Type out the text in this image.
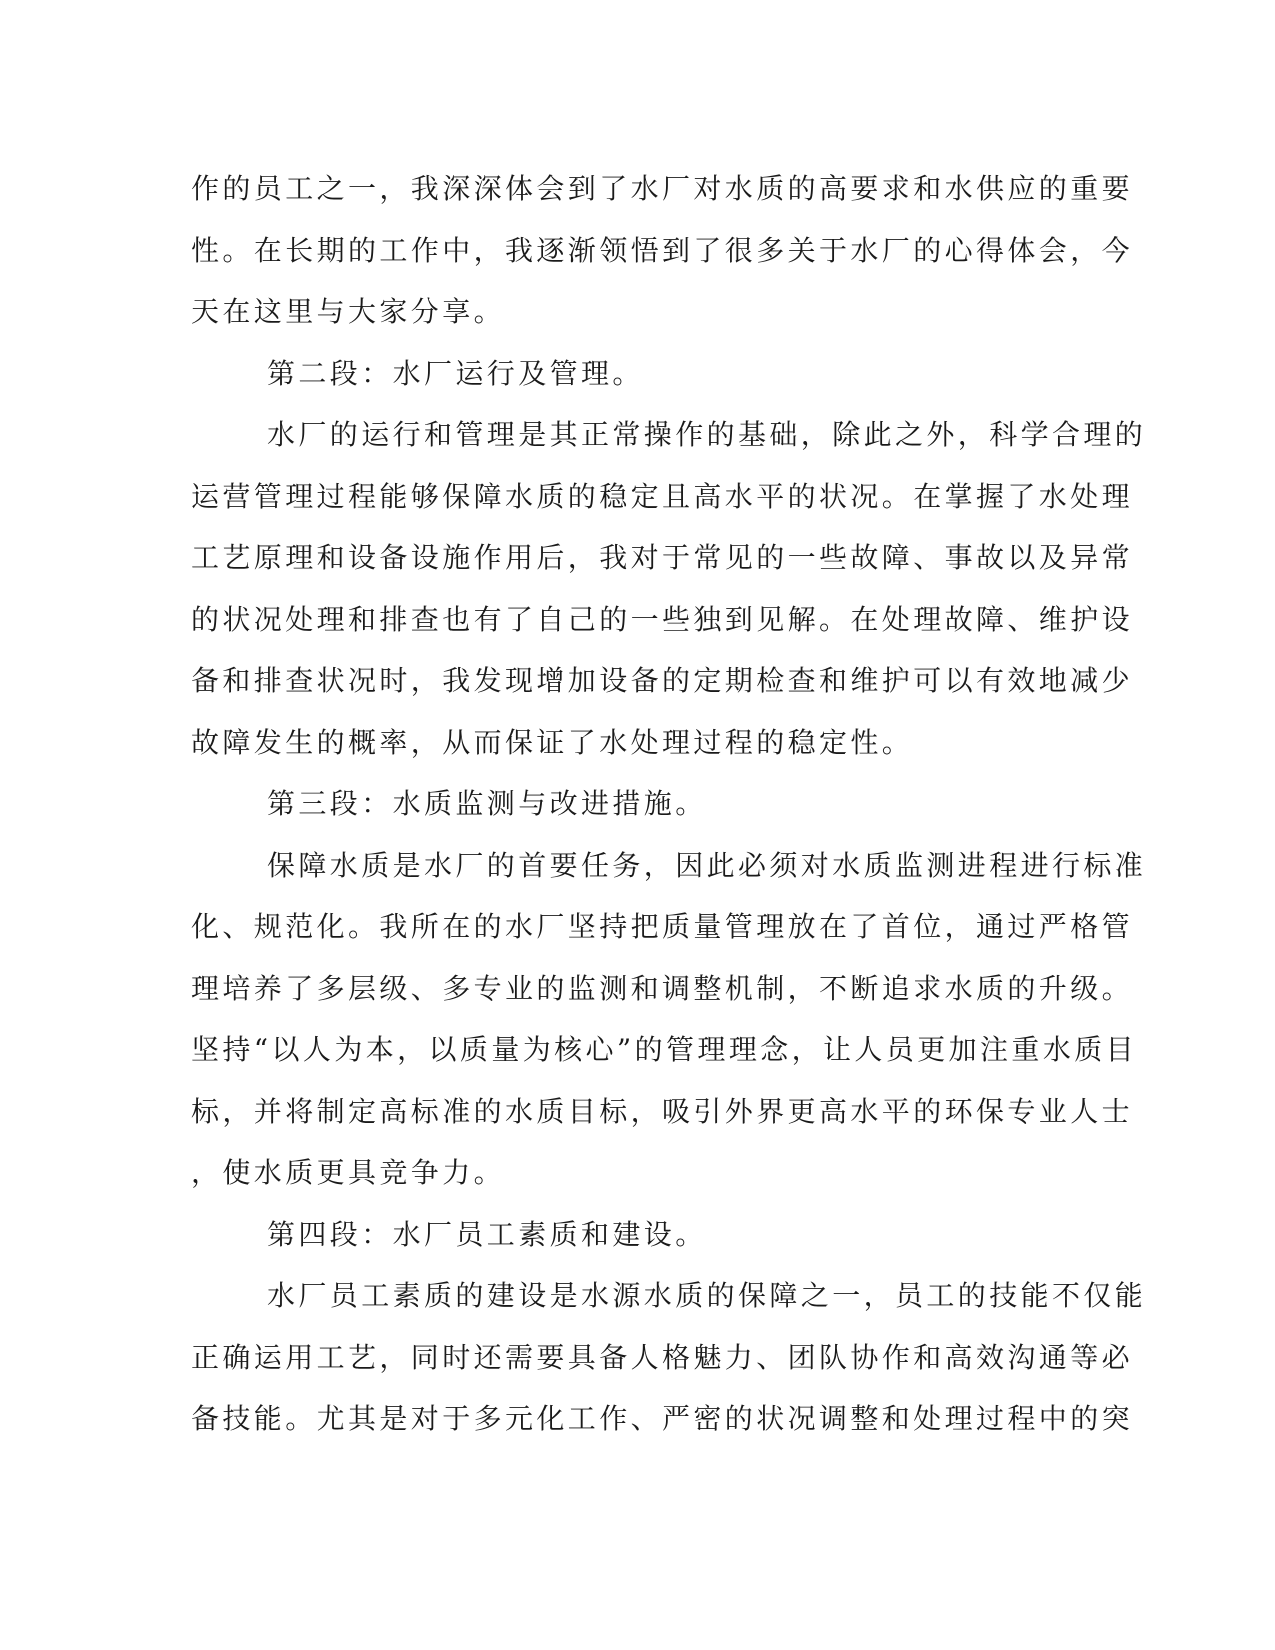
作的员工之一，我深深体会到了水厂对水质的高要求和水供应的重要
性。在长期的工作中，我逐渐领悟到了很多关于水厂的心得体会，今
天在这里与大家分享。
第二段：水厂运行及管理。
水厂的运行和管理是其正常操作的基础，除此之外，科学合理的
运营管理过程能够保障水质的稳定且高水平的状况。在掌握了水处理
工艺原理和设备设施作用后，我对于常见的一些故障、事故以及异常
的状况处理和排查也有了自己的一些独到见解。在处理故障、维护设
备和排查状况时，我发现增加设备的定期检查和维护可以有效地减少
故障发生的概率，从而保证了水处理过程的稳定性。
第三段：水质监测与改进措施。
保障水质是水厂的首要任务，因此必须对水质监测进程进行标准
化、规范化。我所在的水厂坚持把质量管理放在了首位，通过严格管
理培养了多层级、多专业的监测和调整机制，不断追求水质的升级。
坚持“以人为本，以质量为核心”的管理理念，让人员更加注重水质目
标，并将制定高标准的水质目标，吸引外界更高水平的环保专业人士
，使水质更具竞争力。
第四段：水厂员工素质和建设。
水厂员工素质的建设是水源水质的保障之一，员工的技能不仅能
正确运用工艺，同时还需要具备人格魅力、团队协作和高效沟通等必
备技能。尤其是对于多元化工作、严密的状况调整和处理过程中的突
